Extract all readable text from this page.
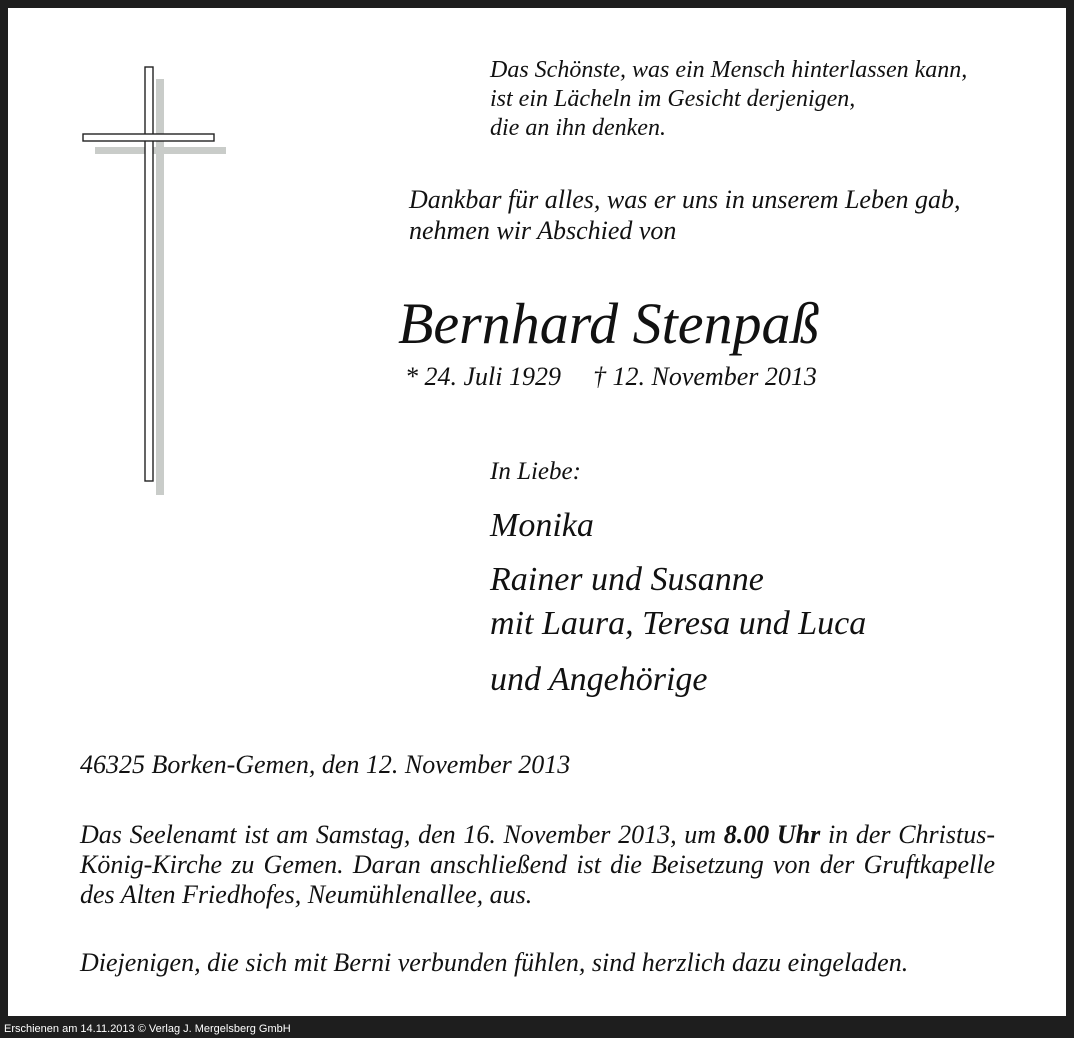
Das Schönste, was ein Mensch hinterlassen kann,
ist ein Lächeln im Gesicht derjenigen,
die an ihn denken.
Dankbar für alles, was er uns in unserem Leben gab,
nehmen wir Abschied von
Bernhard Stenpaß
* 24. Juli 1929 † 12. November 2013
In Liebe:
Monika
Rainer und Susanne
mit Laura, Teresa und Luca
und Angehörige
46325 Borken-Gemen, den 12. November 2013

Das Seelenamt ist am Samstag, den 16. November 2013, um 8.00 Uhr in der Christus-König-Kirche zu Gemen. Daran anschließend ist die Beisetzung von der Gruftkapelle des Alten Friedhofes, Neumühlenallee, aus.

Diejenigen, die sich mit Berni verbunden fühlen, sind herzlich dazu eingeladen.
Erschienen am 14.11.2013 © Verlag J. Mergelsberg GmbH
